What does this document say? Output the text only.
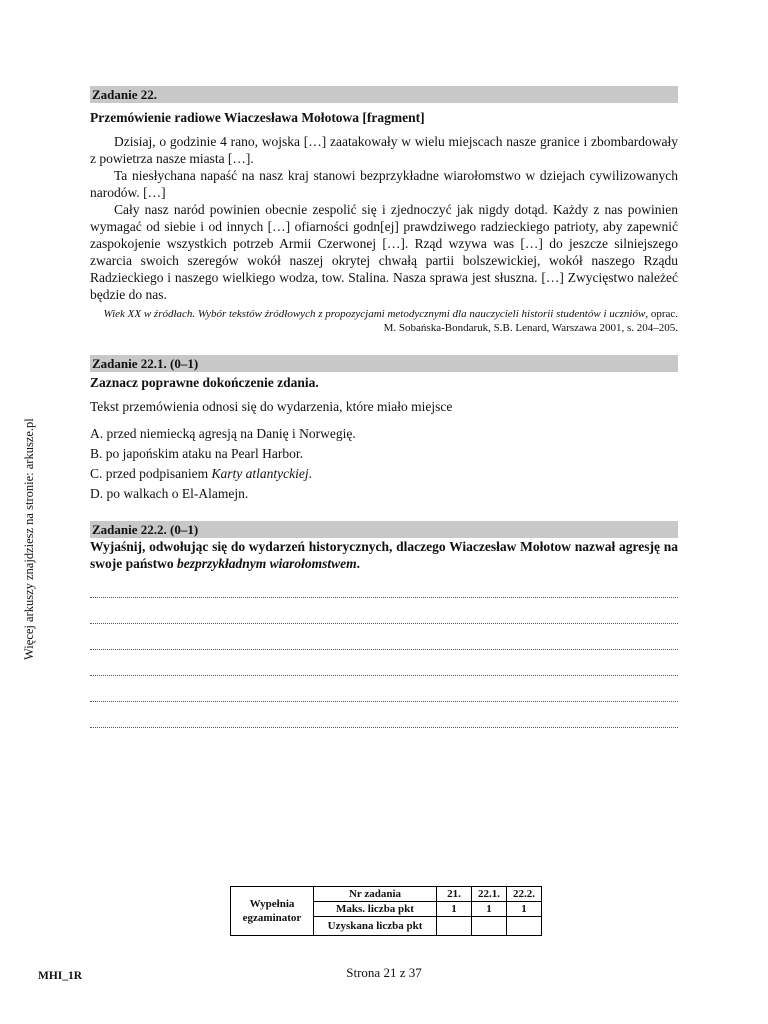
Więcej arkuszy znajdziesz na stronie: arkusze.pl
Zadanie 22.
Przemówienie radiowe Wiaczesława Mołotowa [fragment]

Dzisiaj, o godzinie 4 rano, wojska […] zaatakowały w wielu miejscach nasze granice i zbombardowały z powietrza nasze miasta […].

Ta niesłychana napaść na nasz kraj stanowi bezprzykładne wiarołomstwo w dziejach cywilizowanych narodów. […]

Cały nasz naród powinien obecnie zespolić się i zjednoczyć jak nigdy dotąd. Każdy z nas powinien wymagać od siebie i od innych […] ofiarności godn[ej] prawdziwego radzieckiego patrioty, aby zapewnić zaspokojenie wszystkich potrzeb Armii Czerwonej […]. Rząd wzywa was […] do jeszcze silniejszego zwarcia swoich szeregów wokół naszej okrytej chwałą partii bolszewickiej, wokół naszego Rządu Radzieckiego i naszego wielkiego wodza, tow. Stalina. Nasza sprawa jest słuszna. […] Zwycięstwo należeć będzie do nas.

Wiek XX w źródłach. Wybór tekstów źródłowych z propozycjami metodycznymi dla nauczycieli historii studentów i uczniów, oprac. M. Sobańska-Bondaruk, S.B. Lenard, Warszawa 2001, s. 204–205.
Zadanie 22.1. (0–1)
Zaznacz poprawne dokończenie zdania.
Tekst przemówienia odnosi się do wydarzenia, które miało miejsce
A. przed niemiecką agresją na Danię i Norwegię.
B. po japońskim ataku na Pearl Harbor.
C. przed podpisaniem Karty atlantyckiej.
D. po walkach o El-Alamejn.
Zadanie 22.2. (0–1)
Wyjaśnij, odwołując się do wydarzeń historycznych, dlaczego Wiaczesław Mołotow nazwał agresję na swoje państwo bezprzykładnym wiarołomstwem.
Wypełnia egzaminator	Nr zadania	21.	22.1.	22.2.
	Maks. liczba pkt	1	1	1
	Uzyskana liczba pkt			
MHI_1R	Strona 21 z 37
